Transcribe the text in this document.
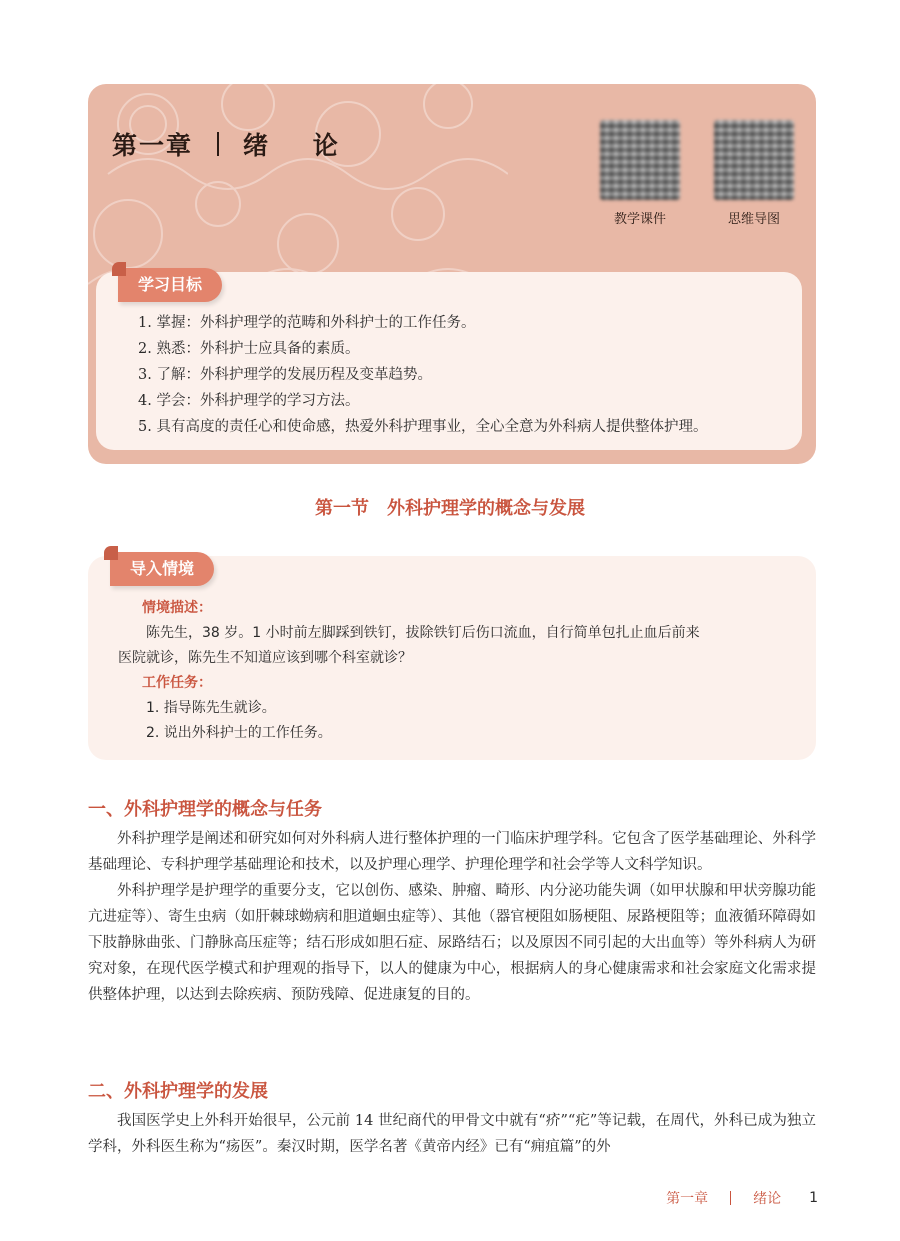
第一章 绪 论
教学课件	思维导图
学习目标
1. 掌握：外科护理学的范畴和外科护士的工作任务。
2. 熟悉：外科护士应具备的素质。
3. 了解：外科护理学的发展历程及变革趋势。
4. 学会：外科护理学的学习方法。
5. 具有高度的责任心和使命感，热爱外科护理事业，全心全意为外科病人提供整体护理。
第一节　外科护理学的概念与发展
导入情境
情境描述：
陈先生，38 岁。1 小时前左脚踩到铁钉，拔除铁钉后伤口流血，自行简单包扎止血后前来
医院就诊，陈先生不知道应该到哪个科室就诊？
工作任务：
1. 指导陈先生就诊。
2. 说出外科护士的工作任务。
一、外科护理学的概念与任务

外科护理学是阐述和研究如何对外科病人进行整体护理的一门临床护理学科。它包含了医学基础理论、外科学基础理论、专科护理学基础理论和技术，以及护理心理学、护理伦理学和社会学等人文科学知识。

外科护理学是护理学的重要分支，它以创伤、感染、肿瘤、畸形、内分泌功能失调（如甲状腺和甲状旁腺功能亢进症等）、寄生虫病（如肝棘球蚴病和胆道蛔虫症等）、其他（器官梗阻如肠梗阻、尿路梗阻等；血液循环障碍如下肢静脉曲张、门静脉高压症等；结石形成如胆石症、尿路结石；以及原因不同引起的大出血等）等外科病人为研究对象，在现代医学模式和护理观的指导下，以人的健康为中心，根据病人的身心健康需求和社会家庭文化需求提供整体护理，以达到去除疾病、预防残障、促进康复的目的。

二、外科护理学的发展

我国医学史上外科开始很早，公元前 14 世纪商代的甲骨文中就有“疥”“疕”等记载，在周代，外科已成为独立学科，外科医生称为“疡医”。秦汉时期，医学名著《黄帝内经》已有“痈疽篇”的外

第一章	绪论 1
